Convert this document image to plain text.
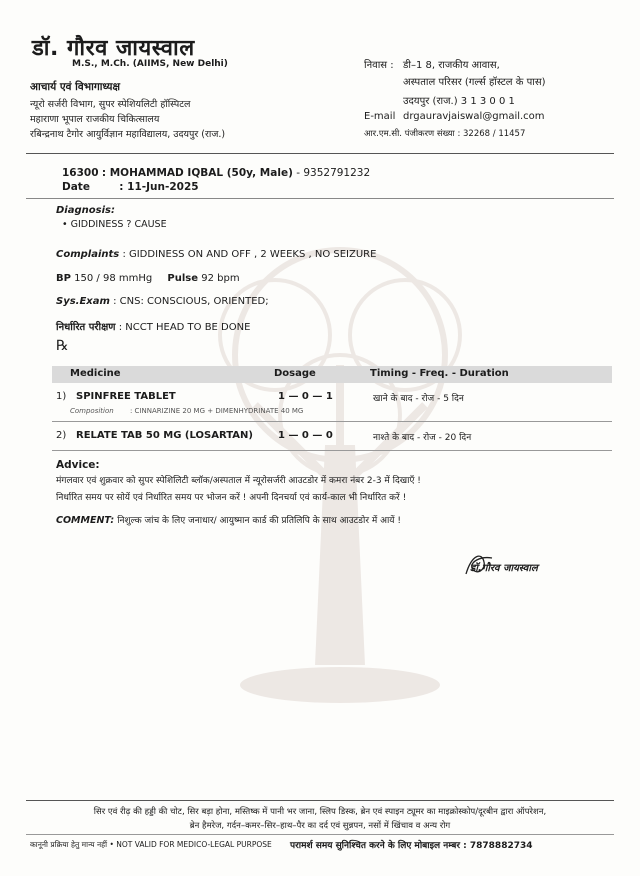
डॉ. गौरव जायस्वाल
M.S., M.Ch. (AIIMS, New Delhi)
आचार्य एवं विभागाध्यक्ष
न्यूरो सर्जरी विभाग, सुपर स्पेशियलिटी हॉस्पिटल
महाराणा भूपाल राजकीय चिकित्सालय
रबिन्द्रनाथ टैगोर आयुर्विज्ञान महाविद्यालय, उदयपुर (राज.)
निवास : डी–1 8, राजकीय आवास,
अस्पताल परिसर (गर्ल्स हॉस्टल के पास)
उदयपुर (राज.) 3 1 3 0 0 1
E-mail drgauravjaiswal@gmail.com
आर.एम.सी. पंजीकरण संख्या : 32268 / 11457
16300 : MOHAMMAD IQBAL (50y, Male) - 9352791232
Date	: 11-Jun-2025
Diagnosis:
• GIDDINESS ? CAUSE
Complaints : GIDDINESS ON AND OFF , 2 WEEKS , NO SEIZURE
BP 150 / 98 mmHg Pulse 92 bpm
Sys.Exam : CNS: CONSCIOUS, ORIENTED;
निर्धारित परीक्षण : NCCT HEAD TO BE DONE
℞
Medicine	Dosage	Timing - Freq. - Duration
1) SPINFREE TABLET	1 — 0 — 1	खाने के बाद - रोज - 5 दिन
Composition : CINNARIZINE 20 MG + DIMENHYDRINATE 40 MG
2) RELATE TAB 50 MG (LOSARTAN)	1 — 0 — 0	नाश्ते के बाद - रोज - 20 दिन
Advice:
मंगलवार एवं शुक्रवार को सुपर स्पेशिलिटी ब्लॉक/अस्पताल में न्यूरोसर्जरी आउटडोर में कमरा नंबर 2-3 में दिखाएँ !
निर्धारित समय पर सोयें एवं निर्धारित समय पर भोजन करें ! अपनी दिनचर्या एवं कार्य-काल भी निर्धारित करें !
COMMENT: निशुल्क जांच के लिए जनाधार/ आयुष्मान कार्ड की प्रतिलिपि के साथ आउटडोर में आयें !
डॉ.गौरव जायस्वाल
सिर एवं रीढ़ की हड्डी की चोट, सिर बड़ा होना, मस्तिष्क में पानी भर जाना, स्लिप डिस्क, ब्रेन एवं स्पाइन ट्यूमर का माइक्रोस्कोप/दूरबीन द्वारा ऑपरेशन,
ब्रेन हैमरेज, गर्दन–कमर–सिर–हाथ–पैर का दर्द एवं सुन्नपन, नसों में खिंचाव व अन्य रोग
कानूनी प्रक्रिया हेतु मान्य नहीं • NOT VALID FOR MEDICO-LEGAL PURPOSE परामर्श समय सुनिश्चित करने के लिए मोबाइल नम्बर : 7878882734
